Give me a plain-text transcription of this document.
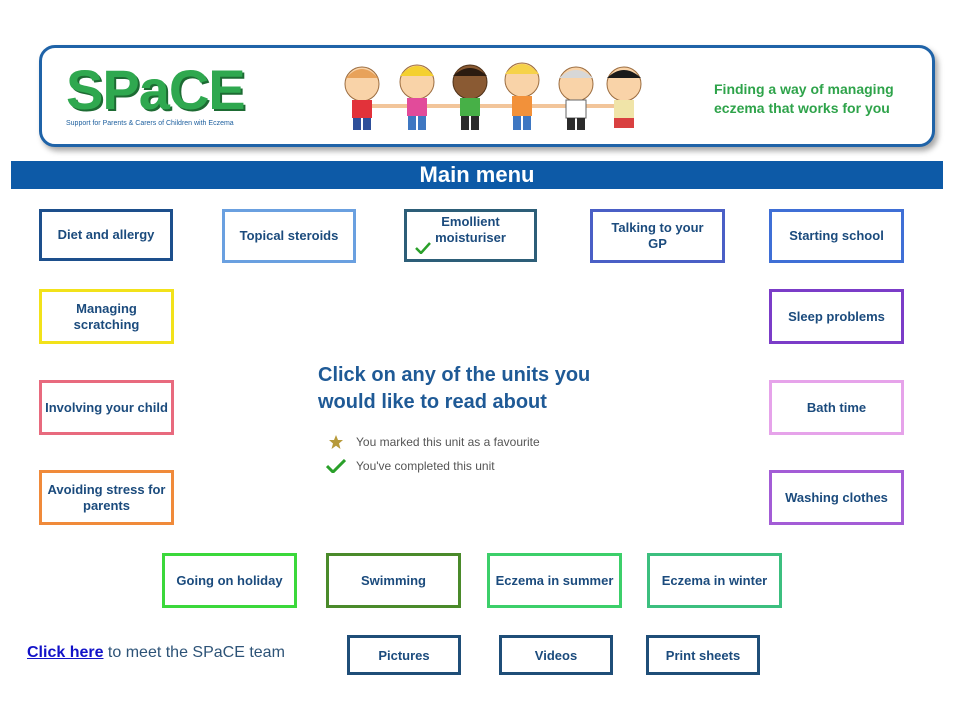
SPaCE
Support for Parents & Carers of Children with Eczema
Finding a way of managing
eczema that works for you
Main menu
Diet and allergy	Topical steroids
Emollient
moisturiser
Talking to your
GP
Starting school
Managing
scratching
Sleep problems
Involving your child	Bath time
Avoiding stress for
parents
Washing clothes
Going on holiday	Swimming	Eczema in summer	Eczema in winter
Click on any of the units you
would like to read about
You marked this unit as a favourite
You've completed this unit
Click here to meet the SPaCE team	Pictures	Videos	Print sheets
